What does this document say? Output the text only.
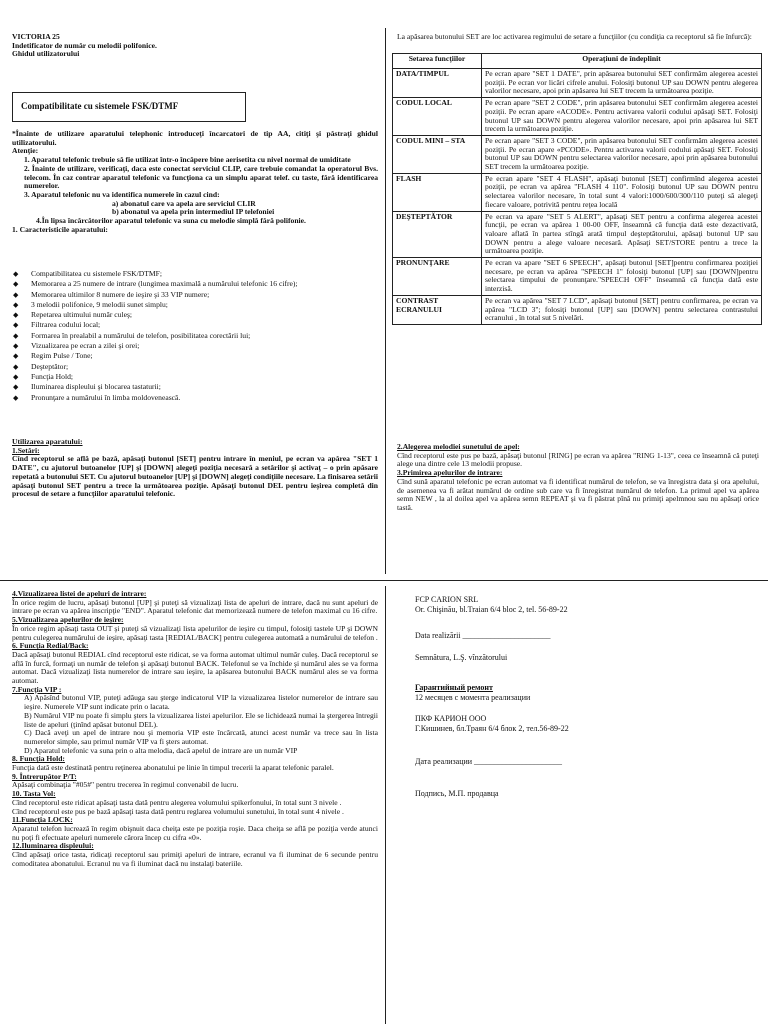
VICTORIA 25
Indetificator de număr cu melodii polifonice.
Ghidul utilizatorului
Compatibilitate cu sistemele FSK/DTMF
*Înainte de utilizare aparatului telephonic introduceţi încarcatori de tip AA, citiţi şi păstraţi ghidul utilizatorului.
Atenţie:
1. Aparatul telefonic trebuie să fie utilizat într-o încăpere bine aerisetita cu nivel normal de umiditate
2. Înainte de utilizare, verificaţi, daca este conectat serviciul CLIP, care trebuie comandat la operatorul Bvs. telecom. În caz contrar aparatul telefonic va funcţiona ca un simplu aparat telef. cu taste, fără identificarea numerelor.
3. Aparatul telefonic nu va identifica numerele în cazul cind:
a) abonatul care va apela are serviciul CLIR
b) abonatul va apela prin intermediul IP telefoniei
4.În lipsa încărcătorilor aparatul telefonic va suna cu melodie simplă fără polifonie.
1. Caracteristicile aparatului:
◆ Compatibilitatea cu sistemele FSK/DTMF;
◆ Memorarea a 25 numere de intrare (lungimea maximală a numărului telefonic 16 cifre);
◆ Memorarea ultimilor 8 numere de ieşire şi 33 VIP numere;
◆ 3 melodii polifonice, 9 melodii sunet simplu;
◆ Repetarea ultimului număr culeş;
◆ Filtrarea codului local;
◆ Formarea în prealabil a numărului de telefon, posibilitatea corectării lui;
◆ Vizualizarea pe ecran a zilei şi orei;
◆ Regim Pulse / Tone;
◆ Deşteptător;
◆ Funcţia Hold;
◆ Iluminarea displeului şi blocarea tastaturii;
◆ Pronunţare a numărului în limba moldovenească.
Utilizarea aparatului:
1.Setări:
Cînd receptorul se află pe bază, apăsaţi butonul [SET] pentru intrare în meniul, pe ecran va apărea "SET 1 DATE", cu ajutorul butoanelor [UP] şi [DOWN] alegeţi poziţia necesară a setărilor şi activaţ – o prin apăsare repetată a butonului SET. Cu ajutorul butoanelor [UP] şi [DOWN] alegeţi condiţiile necesare. La finisarea setării apăsaţi butonul SET pentru a trece la următoarea poziţie. Apăsaţi butonul DEL pentru ieşirea completă din procesul de setare a funcţiilor aparatului telefonic.
La apăsarea butonului SET are loc activarea regimului de setare a funcţiilor (cu condiţia ca receptorul să fie înfurcă):
Setarea funcţiilor	Operaţiuni de îndeplinit
DATA/TIMPUL	Pe ecran apare "SET 1 DATE", prin apăsarea butonului SET confirmăm alegerea acestei poziţii. Pe ecran vor licări cifrele anului. Folosiţi butonul UP sau DOWN pentru alegerea valorilor necesare, apoi prin apăsarea lui SET trecem la următoarea poziţie.
CODUL LOCAL	Pe ecran apare "SET 2 CODE", prin apăsarea butonului SET confirmăm alegerea acestei poziţii. Pe ecran apare «ACODE». Pentru activarea valorii codului apăsaţi SET. Folosiţi butonul UP sau DOWN pentru alegerea valorilor necesare, apoi prin apăsarea lui SET trecem la următoarea poziţie.
CODUL MINI – STA	Pe ecran apare "SET 3 CODE", prin apăsarea butonului SET confirmăm alegerea acestei poziţii. Pe ecran apare «PCODE». Pentru activarea valorii codului apăsaţi SET. Folosiţi butonul UP sau DOWN pentru selectarea valorilor necesare, apoi prin apăsarea butonului SET trecem la următoarea poziţie.
FLASH	Pe ecran apare "SET 4 FLASH", apăsaţi butonul [SET] confirmînd alegerea acestei poziţii, pe ecran va apărea "FLASH 4 110". Folosiţi butonul UP sau DOWN pentru selectarea valorilor necesare, în total sunt 4 valori:1000/600/300/110 puteţi să alegeţi fiecare valoare, potrivită pentru reţea locală
DEŞTEPTĂTOR	Pe ecran va apare "SET 5 ALERT", apăsaţi SET pentru a confirma alegerea acestei funcţii, pe ecran va apărea 1 00-00 OFF, înseamnă că funcţia dată este dezactivată, valoare aflată în partea stîngă arată timpul deşteptătorului, apăsaţi butonul UP sau DOWN pentru a alege valoare necesară. Apăsaţi SET/STORE pentru a trece la următoarea poziţie.
PRONUNŢARE	Pe ecran va apare "SET 6 SPEECH", apăsaţi butonul [SET]pentru confirmarea poziţiei necesare, pe ecran va apărea "SPEECH 1" folosiţi butonul [UP] sau [DOWN]pentru selectarea timpului de pronunţare."SPEECH OFF" înseamnă că funcţia dată este interzisă.
CONTRAST ECRANULUI	Pe ecran va apărea "SET 7 LCD", apăsaţi butonul [SET] pentru confirmarea, pe ecran va apărea "LCD 3"; folosiţi butonul [UP] sau [DOWN] pentru selectarea contrastului ecranului , în total sut 5 nivelări.
2.Alegerea melodiei sunetului de apel:
Cînd receptorul este pus pe bază, apăsaţi butonul [RING] pe ecran va apărea "RING 1-13", ceea ce înseamnă că puteţi alege una dintre cele 13 melodii propuse.
3.Primirea apelurilor de intrare:
Cînd sună aparatul telefonic pe ecran automat va fi identificat numărul de telefon, se va înregistra data şi ora apelului, de asemenea va fi arătat numărul de ordine sub care va fi înregistrat numărul de telefon. La primul apel va apărea semn NEW , la al doilea apel va apărea semn REPEAT şi va fi păstrat pînă nu primiţi apelmnou sau nu apăsaţi orice tastă.
4.Vizualizarea listei de apeluri de intrare:
În orice regim de lucru, apăsaţi butonul [UP] şi puteţi să vizualizaţi lista de apeluri de intrare, dacă nu sunt apeluri de intrare pe ecran va apărea inscripţie "END". Aparatul telefonic dat memorizează numere de telefon maximal cu 16 cifre.
5.Vizualizarea apelurilor de ieşire:
În orice regim apăsaţi tasta OUT şi puteţi să vizualizaţi lista apelurilor de ieşire cu timpul, folosiţi tastele UP şi DOWN pentru culegerea numărului de ieşire, apăsaţi tasta [REDIAL/BACK] pentru culegerea automată a numărului de telefon .
6. Funcţia Redial/Back:
Dacă apăsaţi butonul REDIAL cînd receptorul este ridicat, se va forma automat ultimul număr culeş. Dacă receptorul se află în furcă, formaţi un număr de telefon şi apăsaţi butonul BACK. Telefonul se va închide şi numărul ales se va forma automat. Dacă vizualizaţi lista numerelor de intrare sau ieşire, la apăsarea butonului BACK numărul ales se va forma automat.
7.Funcţia VIP :
A) Apăsînd butonul VIP, puteţi adăuga sau şterge indicatorul VIP la vizualizarea listelor numerelor de intrare sau ieşire. Numerele VIP sunt indicate prin o lacata.
B) Numărul VIP nu poate fi simplu şters la vizualizarea listei apelurilor. Ele se lichidează numai la ştergerea întregii liste de apeluri (ţinînd apăsat butonul DEL).
C) Dacă aveţi un apel de intrare nou şi memoria VIP este încărcată, atunci acest număr va trece sau în lista numerelor simple, sau primul număr VIP va fi şters automat.
D) Aparatul telefonic va suna prin o alta melodia, dacă apelul de intrare are un număr VIP
8. Funcţia Hold:
Funcţia dată este destinată pentru reţinerea abonatului pe linie în timpul trecerii la aparat telefonic paralel.
9. Întrerupător P/T:
Apăsaţi combinaţia "#05#" pentru trecerea în regimul convenabil de lucru.
10. Tasta Vol:
Cînd receptorul este ridicat apăsaţi tasta dată pentru alegerea volumului spikerfonului, în total sunt 3 nivele .
Cînd receptorul este pus pe bază apăsaţi tasta dată pentru reglarea volumului sunetului, în total sunt 4 nivele .
11.Funcţia LOCK:
Aparatul telefon lucrează în regim obişnuit daca cheiţa este pe poziţia roşie. Daca cheiţa se află pe poziţia verde atunci nu poţi fi efectuate apeluri numerele cărora încep cu cifra «0».
12.Iluminarea displeului:
Cînd apăsaţi orice tasta, ridicaţi receptorul sau primiţi apeluri de intrare, ecranul va fi iluminat de 6 secunde pentru comoditatea abonatului. Ecranul nu va fi iluminat dacă nu instalaţi bateriile.
FCP CARION SRL
Or. Chişinău, bl.Traian 6/4 bloc 2, tel. 56-89-22
Data realizării ______________________
Semnătura, L.Ş. vînzătorului
Гарантийный ремонт
12 месяцев с момента реализации
ПКФ КАРИОН ООО
Г.Кишинев, бл.Траян 6/4 блок 2, тел.56-89-22
Дата реализации ______________________
Подпись, М.П. продавца
